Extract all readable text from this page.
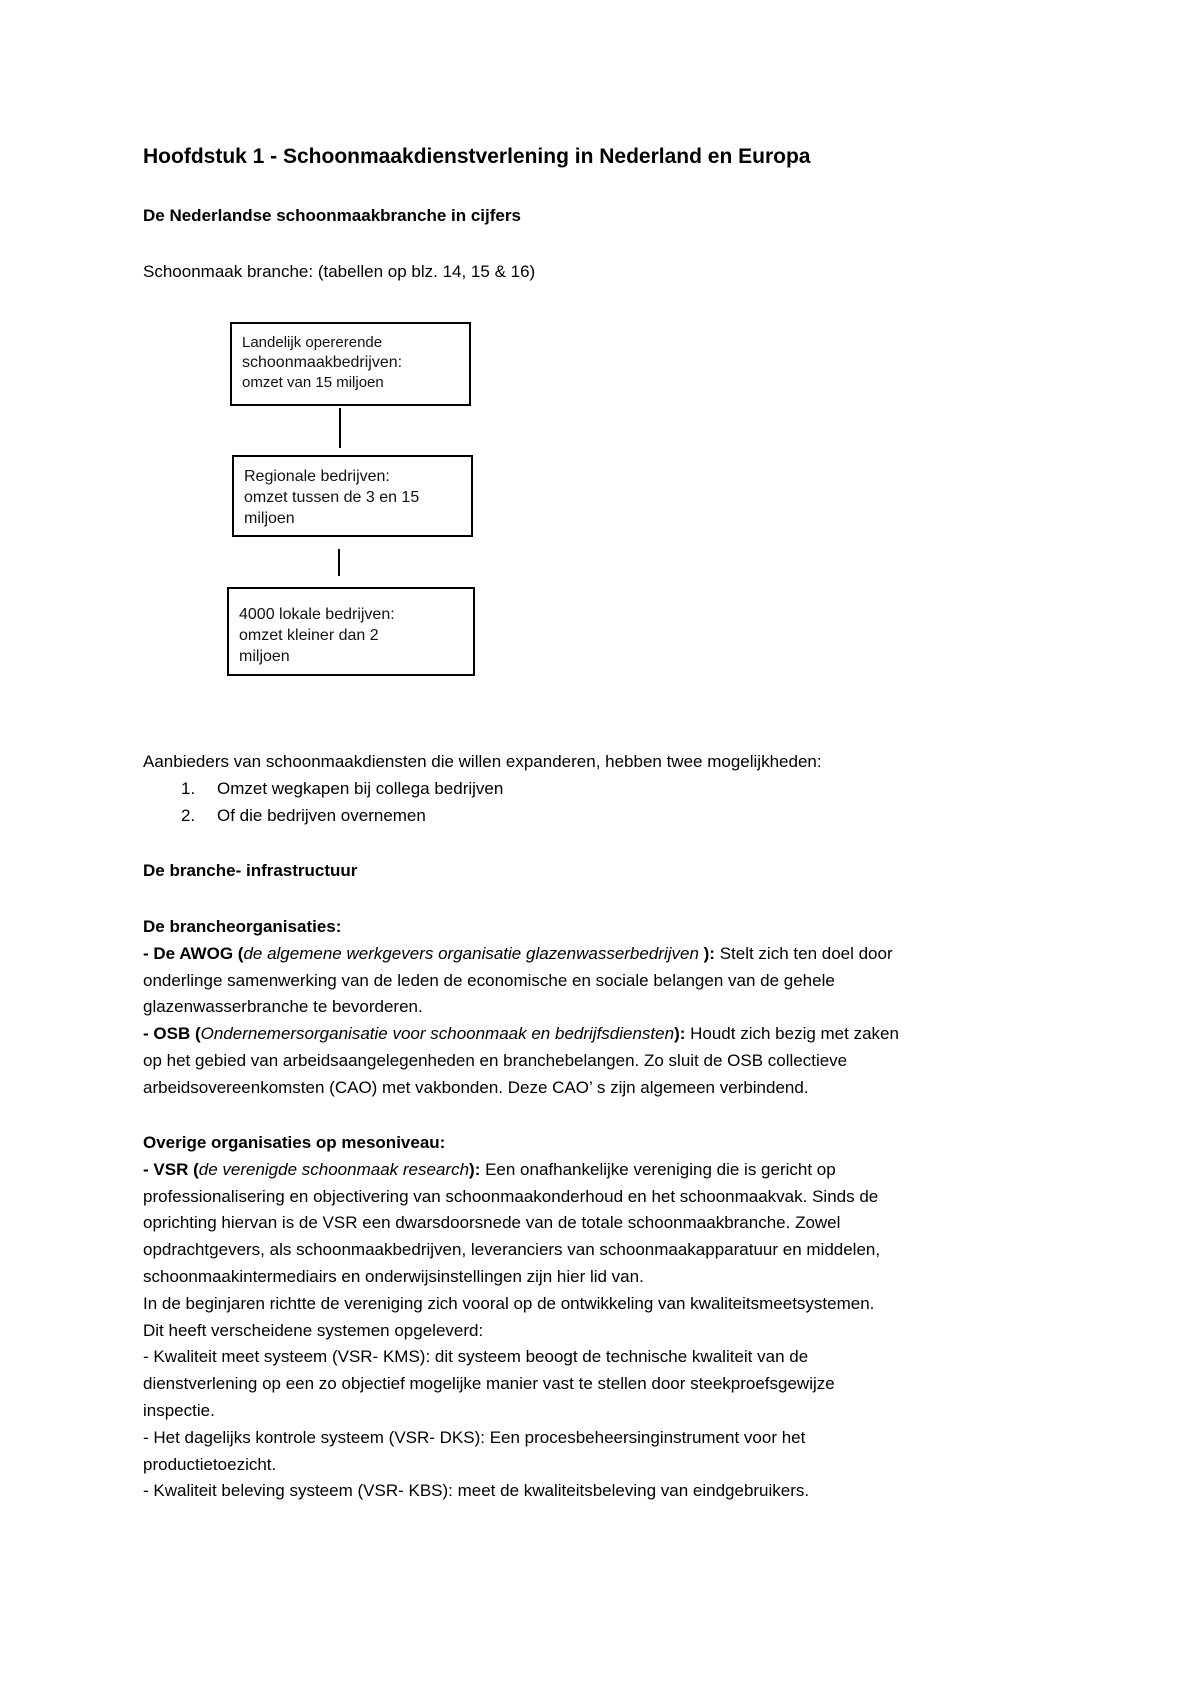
Hoofdstuk 1 - Schoonmaakdienstverlening in Nederland en Europa
De Nederlandse schoonmaakbranche in cijfers
Schoonmaak branche: (tabellen op blz. 14, 15 & 16)
Landelijk opererende
schoonmaakbedrijven:
omzet van 15 miljoen
Regionale bedrijven:
omzet tussen de 3 en 15
miljoen
4000 lokale bedrijven:
omzet kleiner dan 2
miljoen
Aanbieders van schoonmaakdiensten die willen expanderen, hebben twee mogelijkheden:
1. Omzet wegkapen bij collega bedrijven
2. Of die bedrijven overnemen
De branche- infrastructuur
De brancheorganisaties:
- De AWOG (de algemene werkgevers organisatie glazenwasserbedrijven ): Stelt zich ten doel door
onderlinge samenwerking van de leden de economische en sociale belangen van de gehele
glazenwasserbranche te bevorderen.
- OSB (Ondernemersorganisatie voor schoonmaak en bedrijfsdiensten): Houdt zich bezig met zaken
op het gebied van arbeidsaangelegenheden en branchebelangen. Zo sluit de OSB collectieve
arbeidsovereenkomsten (CAO) met vakbonden. Deze CAO’ s zijn algemeen verbindend.
Overige organisaties op mesoniveau:
- VSR (de verenigde schoonmaak research): Een onafhankelijke vereniging die is gericht op
professionalisering en objectivering van schoonmaakonderhoud en het schoonmaakvak. Sinds de
oprichting hiervan is de VSR een dwarsdoorsnede van de totale schoonmaakbranche. Zowel
opdrachtgevers, als schoonmaakbedrijven, leveranciers van schoonmaakapparatuur en middelen,
schoonmaakintermediairs en onderwijsinstellingen zijn hier lid van.
In de beginjaren richtte de vereniging zich vooral op de ontwikkeling van kwaliteitsmeetsystemen.
Dit heeft verscheidene systemen opgeleverd:
- Kwaliteit meet systeem (VSR- KMS): dit systeem beoogt de technische kwaliteit van de
dienstverlening op een zo objectief mogelijke manier vast te stellen door steekproefsgewijze
inspectie.
- Het dagelijks kontrole systeem (VSR- DKS): Een procesbeheersinginstrument voor het
productietoezicht.
- Kwaliteit beleving systeem (VSR- KBS): meet de kwaliteitsbeleving van eindgebruikers.
